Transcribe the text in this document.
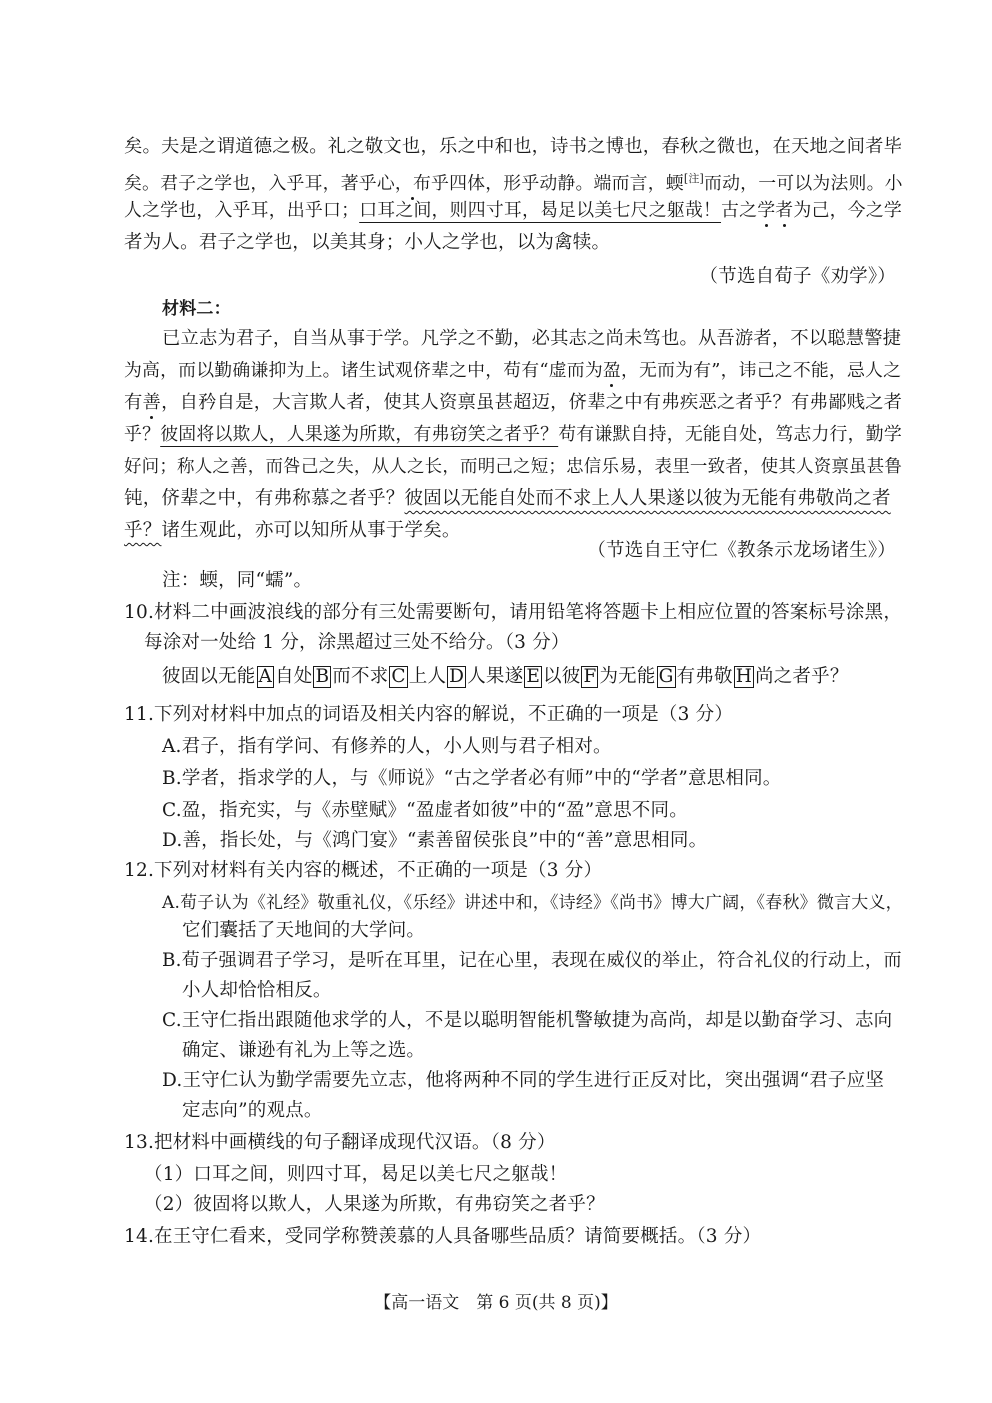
矣。夫是之谓道德之极。礼之敬文也，乐之中和也，诗书之博也，春秋之微也，在天地之间者毕
矣。君子之学也，入乎耳，著乎心，布乎四体，形乎动静。端而言，蝡[注]而动，一可以为法则。小
人之学也，入乎耳，出乎口；口耳之间，则四寸耳，曷足以美七尺之躯哉！古之学者为己，今之学
者为人。君子之学也，以美其身；小人之学也，以为禽犊。
（节选自荀子《劝学》）
材料二：
已立志为君子，自当从事于学。凡学之不勤，必其志之尚未笃也。从吾游者，不以聪慧警捷
为高，而以勤确谦抑为上。诸生试观侪辈之中，苟有“虚而为盈，无而为有”，讳己之不能，忌人之
有善，自矜自是，大言欺人者，使其人资禀虽甚超迈，侪辈之中有弗疾恶之者乎？有弗鄙贱之者
乎？彼固将以欺人，人果遂为所欺，有弗窃笑之者乎？苟有谦默自持，无能自处，笃志力行，勤学
好问；称人之善，而咎己之失，从人之长，而明己之短；忠信乐易，表里一致者，使其人资禀虽甚鲁
钝，侪辈之中，有弗称慕之者乎？彼固以无能自处而不求上人人果遂以彼为无能有弗敬尚之者
乎？诸生观此，亦可以知所从事于学矣。
（节选自王守仁《教条示龙场诸生》）
注：蝡，同“蠕”。
10.材料二中画波浪线的部分有三处需要断句，请用铅笔将答题卡上相应位置的答案标号涂黑，
每涂对一处给 1 分，涂黑超过三处不给分。（3 分）
彼固以无能 A 自处 B 而不求 C 上人 D 人果遂 E 以彼 F 为无能 G 有弗敬 H 尚之者乎？
11.下列对材料中加点的词语及相关内容的解说，不正确的一项是（3 分）
A.君子，指有学问、有修养的人，小人则与君子相对。
B.学者，指求学的人，与《师说》“古之学者必有师”中的“学者”意思相同。
C.盈，指充实，与《赤壁赋》“盈虚者如彼”中的“盈”意思不同。
D.善，指长处，与《鸿门宴》“素善留侯张良”中的“善”意思相同。
12.下列对材料有关内容的概述，不正确的一项是（3 分）
A.荀子认为《礼经》敬重礼仪，《乐经》讲述中和，《诗经》《尚书》博大广阔，《春秋》微言大义，
它们囊括了天地间的大学问。
B.荀子强调君子学习，是听在耳里，记在心里，表现在威仪的举止，符合礼仪的行动上，而
小人却恰恰相反。
C.王守仁指出跟随他求学的人，不是以聪明智能机警敏捷为高尚，却是以勤奋学习、志向
确定、谦逊有礼为上等之选。
D.王守仁认为勤学需要先立志，他将两种不同的学生进行正反对比，突出强调“君子应坚
定志向”的观点。
13.把材料中画横线的句子翻译成现代汉语。（8 分）
（1）口耳之间，则四寸耳，曷足以美七尺之躯哉！
（2）彼固将以欺人，人果遂为所欺，有弗窃笑之者乎？
14.在王守仁看来，受同学称赞羡慕的人具备哪些品质？请简要概括。（3 分）
【高一语文　第 6 页(共 8 页)】
